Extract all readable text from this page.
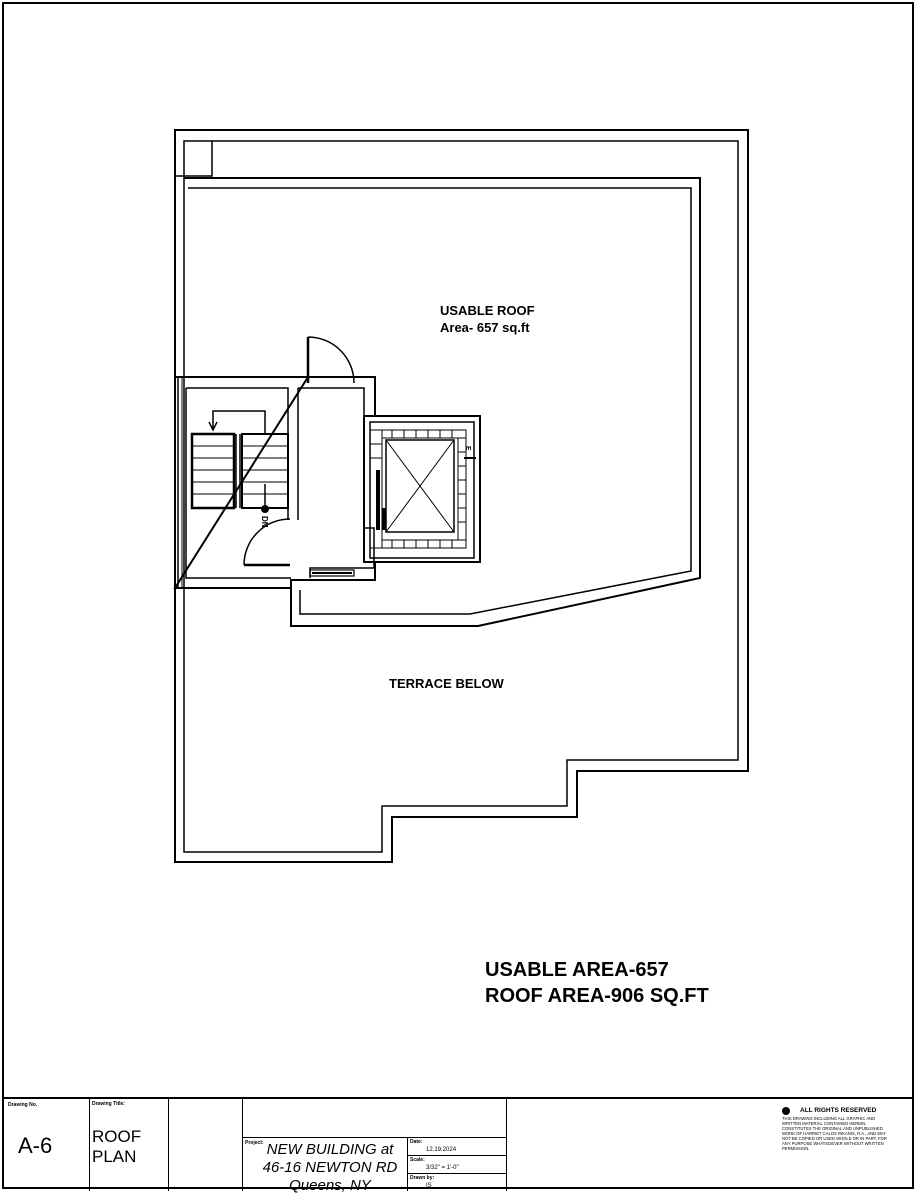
DN
E
USABLE ROOF
Area- 657 sq.ft
TERRACE BELOW
USABLE AREA-657
ROOF AREA-906 SQ.FT
Drawing No.
A-6
Drawing Title:
ROOF
PLAN
Project: NEW BUILDING at
46-16 NEWTON RD
Queens, NY
Date:
12.19.2024
Scale:
3/32" = 1'-0"
Drawn by:
IS
ALL RIGHTS RESERVED
THIS DRAWING INCLUDING ALL GRAPHIC AND WRITTEN MATERIAL CONTAINED HEREIN, CONSTITUTES THE ORIGINAL AND UNPUBLISHED WORK OF HARRIET CALOS RIKANIS, R.A., AND MAY NOT BE COPIED OR USED WHOLE OR IN PART, FOR ANY PURPOSE WHATSOEVER WITHOUT WRITTEN PERMISSION.
